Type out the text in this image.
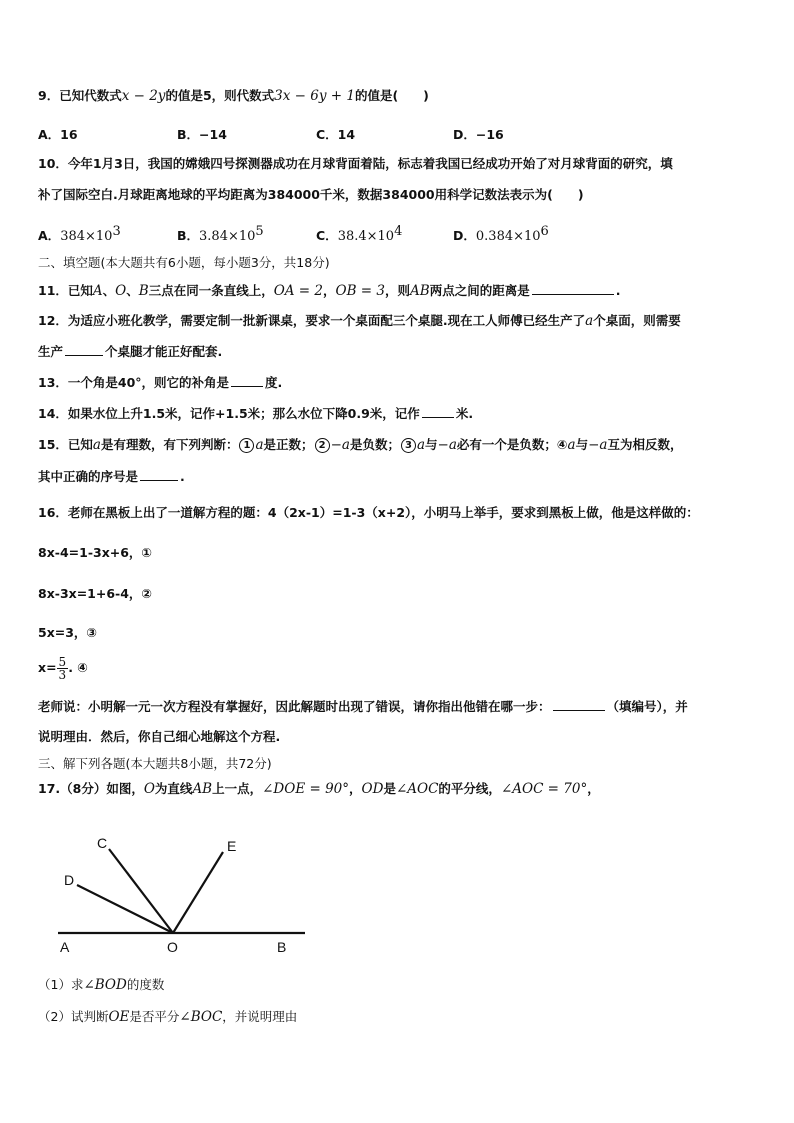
9．已知代数式x − 2y的值是5，则代数式3x − 6y + 1的值是(　　)
A．16	B．−14	C．14	D．−16
10．今年1月3日，我国的嫦娥四号探测器成功在月球背面着陆，标志着我国已经成功开始了对月球背面的研究，填
补了国际空白.月球距离地球的平均距离为384000千米，数据384000用科学记数法表示为(　　)
A．$384\times 10^3$	B．$3.84\times 10^5$	C．$38.4\times 10^4$	D．$0.384\times 10^6$
二、填空题(本大题共有6小题，每小题3分，共18分)
11．已知A、O、B三点在同一条直线上，OA = 2，OB = 3，则AB两点之间的距离是	.
12．为适应小班化教学，需要定制一批新课桌，要求一个桌面配三个桌腿.现在工人师傅已经生产了a个桌面，则需要
生产	个桌腿才能正好配套.
13．一个角是40°，则它的补角是	度.
14．如果水位上升1.5米，记作+1.5米；那么水位下降0.9米，记作	米.
15．已知a是有理数，有下列判断： 1 a是正数； 2 −a是负数； 3 a与−a必有一个是负数；④a与−a互为相反数，
其中正确的序号是	.
16．老师在黑板上出了一道解方程的题：4（2x-1）=1-3（x+2），小明马上举手，要求到黑板上做，他是这样做的：
8x-4=1-3x+6，①
8x-3x=1+6-4，②
5x=3，③
$x= \frac{5}{3}$ . ④
老师说：小明解一元一次方程没有掌握好，因此解题时出现了错误，请你指出他错在哪一步：	（填编号），并
说明理由．然后，你自己细心地解这个方程.
三、解下列各题(本大题共8小题，共72分)
17.（8分）如图，O为直线AB上一点，∠DOE = 90°，OD是∠AOC的平分线，∠AOC = 70°，
C
D
E
A	O	B
（1）求∠BOD的度数
（2）试判断OE是否平分∠BOC，并说明理由
